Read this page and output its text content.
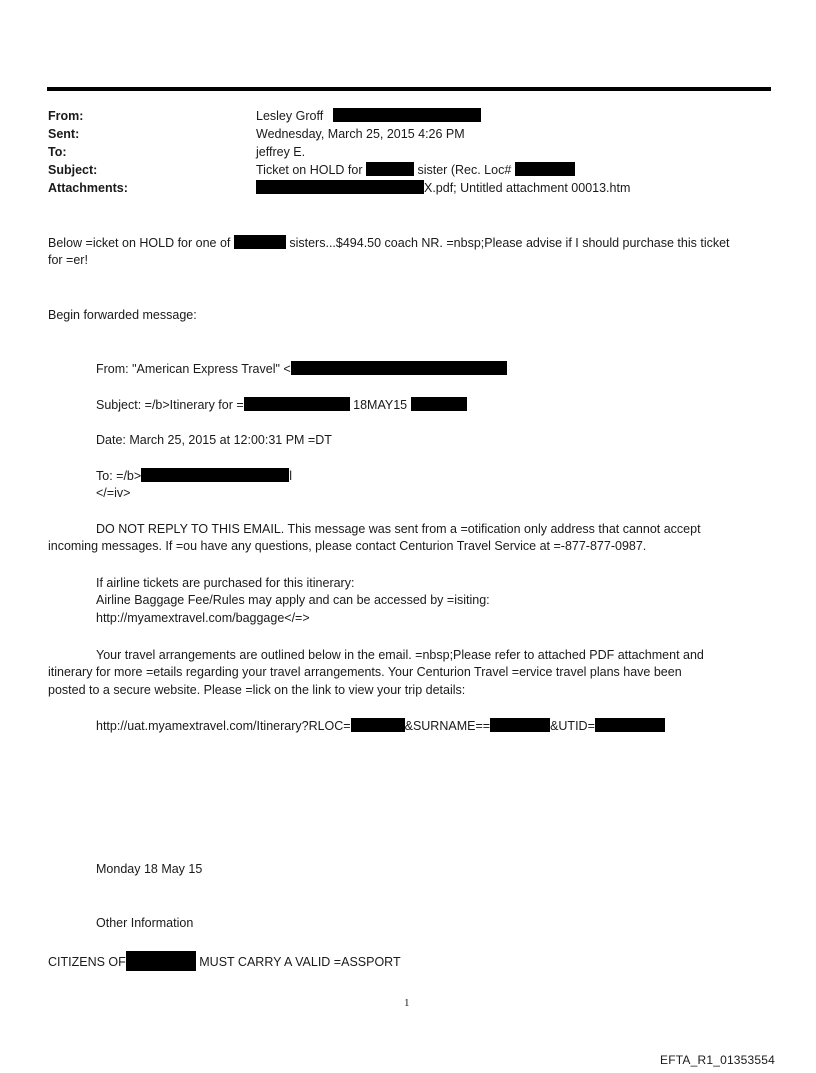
From:	Lesley Groff
Sent:	Wednesday, March 25, 2015 4:26 PM
To:	jeffrey E.
Subject:	Ticket on HOLD for	sister (Rec. Loc#
Attachments:	X.pdf; Untitled attachment 00013.htm
Below =icket on HOLD for one of	sisters...$494.50 coach NR. =nbsp;Please advise if I should purchase this ticket
for =er!
Begin forwarded message:
From: "American Express Travel" <
Subject: =/b>Itinerary for =	18MAY15
Date: March 25, 2015 at 12:00:31 PM =DT
To: =/b>	l
</=iv>
DO NOT REPLY TO THIS EMAIL. This message was sent from a =otification only address that cannot accept
incoming messages. If =ou have any questions, please contact Centurion Travel Service at =-877-877-0987.
If airline tickets are purchased for this itinerary:
Airline Baggage Fee/Rules may apply and can be accessed by =isiting:
http://myamextravel.com/baggage</=>
Your travel arrangements are outlined below in the email. =nbsp;Please refer to attached PDF attachment and
itinerary for more =etails regarding your travel arrangements. Your Centurion Travel =ervice travel plans have been
posted to a secure website. Please =lick on the link to view your trip details:
http://uat.myamextravel.com/Itinerary?RLOC=	&SURNAME==	&UTID=
Monday 18 May 15
Other Information
CITIZENS OF	MUST CARRY A VALID =ASSPORT
1
EFTA_R1_01353554
